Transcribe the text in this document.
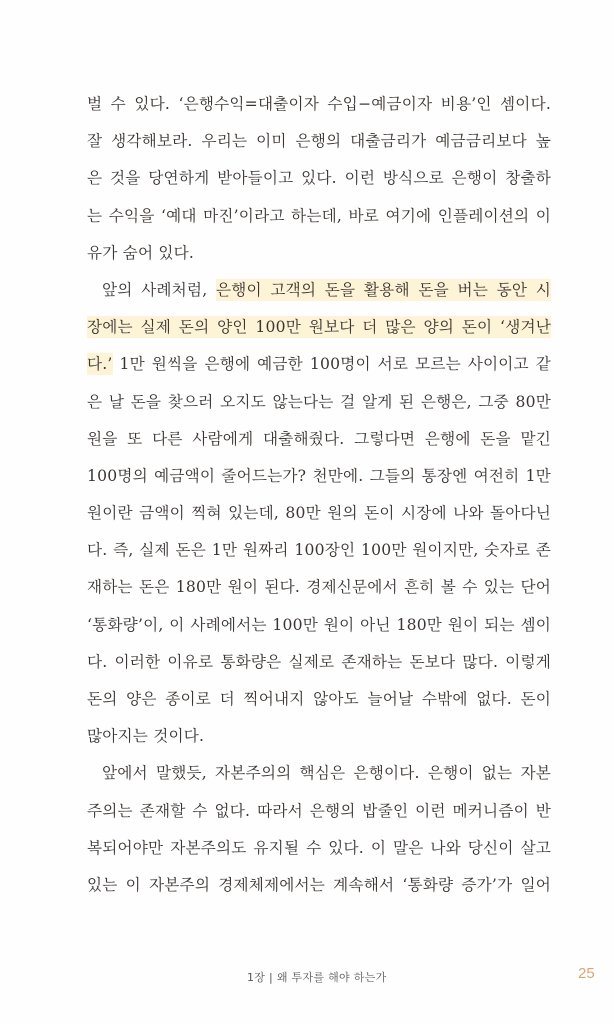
벌 수 있다. ‘은행수익=대출이자 수입−예금이자 비용’인 셈이다.
잘 생각해보라. 우리는 이미 은행의 대출금리가 예금금리보다 높
은 것을 당연하게 받아들이고 있다. 이런 방식으로 은행이 창출하
는 수익을 ‘예대 마진’이라고 하는데, 바로 여기에 인플레이션의 이
유가 숨어 있다.
앞의 사례처럼, 은행이 고객의 돈을 활용해 돈을 버는 동안 시
장에는 실제 돈의 양인 100만 원보다 더 많은 양의 돈이 ‘생겨난
다.’ 1만 원씩을 은행에 예금한 100명이 서로 모르는 사이이고 같
은 날 돈을 찾으러 오지도 않는다는 걸 알게 된 은행은, 그중 80만
원을 또 다른 사람에게 대출해줬다. 그렇다면 은행에 돈을 맡긴
100명의 예금액이 줄어드는가? 천만에. 그들의 통장엔 여전히 1만
원이란 금액이 찍혀 있는데, 80만 원의 돈이 시장에 나와 돌아다닌
다. 즉, 실제 돈은 1만 원짜리 100장인 100만 원이지만, 숫자로 존
재하는 돈은 180만 원이 된다. 경제신문에서 흔히 볼 수 있는 단어
‘통화량’이, 이 사례에서는 100만 원이 아닌 180만 원이 되는 셈이
다. 이러한 이유로 통화량은 실제로 존재하는 돈보다 많다. 이렇게
돈의 양은 종이로 더 찍어내지 않아도 늘어날 수밖에 없다. 돈이
많아지는 것이다.
앞에서 말했듯, 자본주의의 핵심은 은행이다. 은행이 없는 자본
주의는 존재할 수 없다. 따라서 은행의 밥줄인 이런 메커니즘이 반
복되어야만 자본주의도 유지될 수 있다. 이 말은 나와 당신이 살고
있는 이 자본주의 경제체제에서는 계속해서 ‘통화량 증가’가 일어
1장 | 왜 투자를 해야 하는가	25
